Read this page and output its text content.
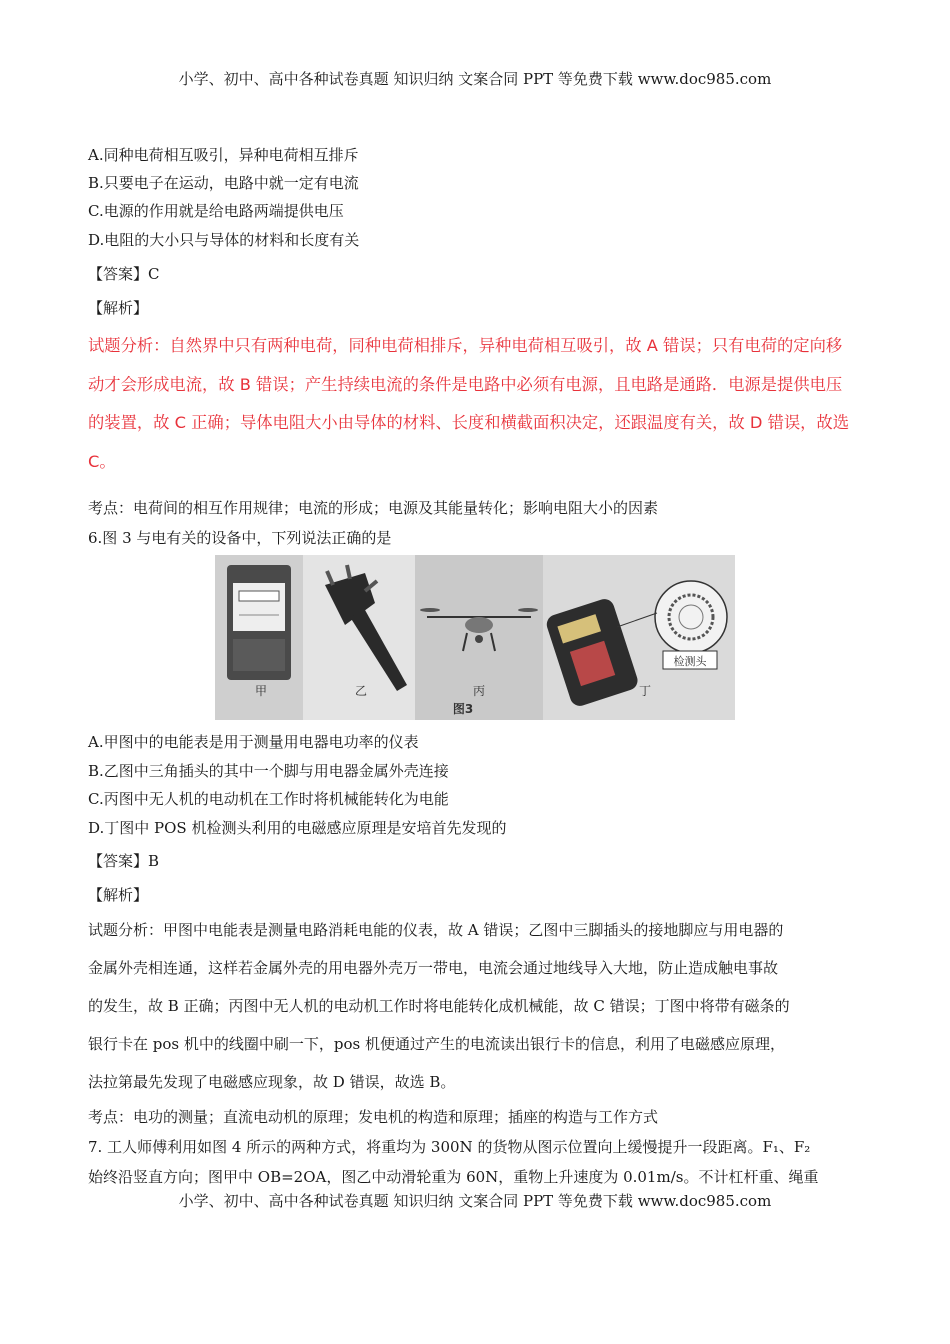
小学、初中、高中各种试卷真题 知识归纳 文案合同 PPT 等免费下载 www.doc985.com
A.同种电荷相互吸引，异种电荷相互排斥
B.只要电子在运动，电路中就一定有电流
C.电源的作用就是给电路两端提供电压
D.电阻的大小只与导体的材料和长度有关
【答案】C
【解析】
试题分析：自然界中只有两种电荷，同种电荷相排斥，异种电荷相互吸引，故 A 错误；只有电荷的定向移
动才会形成电流，故 B 错误；产生持续电流的条件是电路中必须有电源，且电路是通路．电源是提供电压
的装置，故 C 正确；导体电阻大小由导体的材料、长度和横截面积决定，还跟温度有关，故 D 错误，故选
C。
考点：电荷间的相互作用规律；电流的形成；电源及其能量转化；影响电阻大小的因素
6.图 3 与电有关的设备中，下列说法正确的是
检测头
甲	乙	丙	丁
图3
A.甲图中的电能表是用于测量用电器电功率的仪表
B.乙图中三角插头的其中一个脚与用电器金属外壳连接
C.丙图中无人机的电动机在工作时将机械能转化为电能
D.丁图中 POS 机检测头利用的电磁感应原理是安培首先发现的
【答案】B
【解析】
试题分析：甲图中电能表是测量电路消耗电能的仪表，故 A 错误；乙图中三脚插头的接地脚应与用电器的
金属外壳相连通，这样若金属外壳的用电器外壳万一带电，电流会通过地线导入大地，防止造成触电事故
的发生，故 B 正确；丙图中无人机的电动机工作时将电能转化成机械能，故 C 错误；丁图中将带有磁条的
银行卡在 pos 机中的线圈中刷一下，pos 机便通过产生的电流读出银行卡的信息，利用了电磁感应原理，
法拉第最先发现了电磁感应现象，故 D 错误，故选 B。
考点：电功的测量；直流电动机的原理；发电机的构造和原理；插座的构造与工作方式
7. 工人师傅利用如图 4 所示的两种方式，将重均为 300N 的货物从图示位置向上缓慢提升一段距离。F₁、F₂
始终沿竖直方向；图甲中 OB=2OA，图乙中动滑轮重为 60N，重物上升速度为 0.01m/s。不计杠杆重、绳重
小学、初中、高中各种试卷真题 知识归纳 文案合同 PPT 等免费下载 www.doc985.com
